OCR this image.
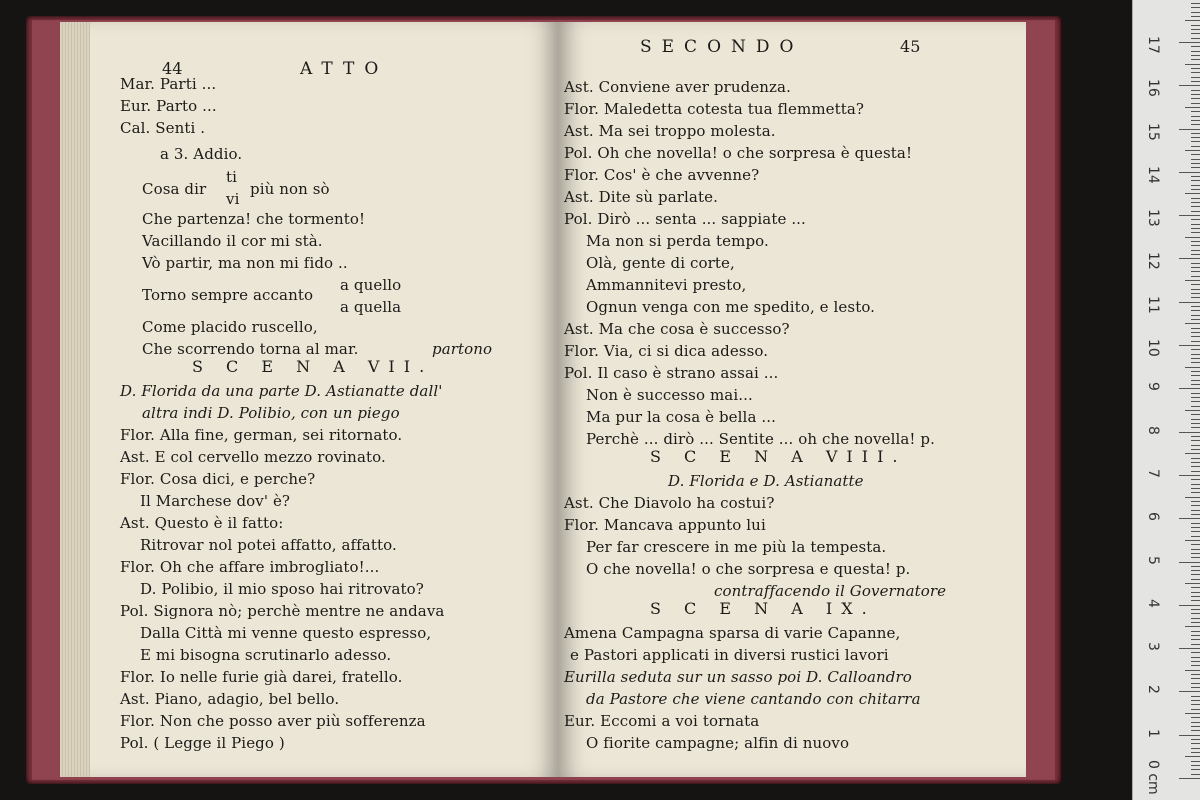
44	ATTO
Mar. Parti ...
Eur. Parto ...
Cal. Senti .
a 3. Addio.
Cosa dir
ti
vi
più non sò
Che partenza! che tormento!
Vacillando il cor mi stà.
Vò partir, ma non mi fido ..
Torno sempre accanto
a quello
a quella
Come placido ruscello,
Che scorrendo torna al mar.	partono
S C E N A VII.
D. Florida da una parte D. Astianatte dall'
altra indi D. Polibio, con un piego
Flor. Alla fine, german, sei ritornato.
Ast. E col cervello mezzo rovinato.
Flor. Cosa dici, e perche?
Il Marchese dov' è?
Ast. Questo è il fatto:
Ritrovar nol potei affatto, affatto.
Flor. Oh che affare imbrogliato!...
D. Polibio, il mio sposo hai ritrovato?
Pol. Signora nò; perchè mentre ne andava
Dalla Città mi venne questo espresso,
E mi bisogna scrutinarlo adesso.
Flor. Io nelle furie già darei, fratello.
Ast. Piano, adagio, bel bello.
Flor. Non che posso aver più sofferenza
Pol. ( Legge il Piego )
SECONDO	45
Ast. Conviene aver prudenza.
Flor. Maledetta cotesta tua flemmetta?
Ast. Ma sei troppo molesta.
Pol. Oh che novella! o che sorpresa è questa!
Flor. Cos' è che avvenne?
Ast. Dite sù parlate.
Pol. Dirò ... senta ... sappiate ...
Ma non si perda tempo.
Olà, gente di corte,
Ammannitevi presto,
Ognun venga con me spedito, e lesto.
Ast. Ma che cosa è successo?
Flor. Via, ci si dica adesso.
Pol. Il caso è strano assai ...
Non è successo mai...
Ma pur la cosa è bella ...
Perchè ... dirò ... Sentite ... oh che novella! p.
S C E N A VIII.
D. Florida e D. Astianatte
Ast. Che Diavolo ha costui?
Flor. Mancava appunto lui
Per far crescere in me più la tempesta.
O che novella! o che sorpresa e questa! p.
contraffacendo il Governatore
S C E N A IX.
Amena Campagna sparsa di varie Capanne,
e Pastori applicati in diversi rustici lavori
Eurilla seduta sur un sasso poi D. Calloandro
da Pastore che viene cantando con chitarra
Eur. Eccomi a voi tornata
O fiorite campagne; alfin di nuovo
0 cm
1
2
3
4
5
6
7
8
9
10
11
12
13
14
15
16
17
